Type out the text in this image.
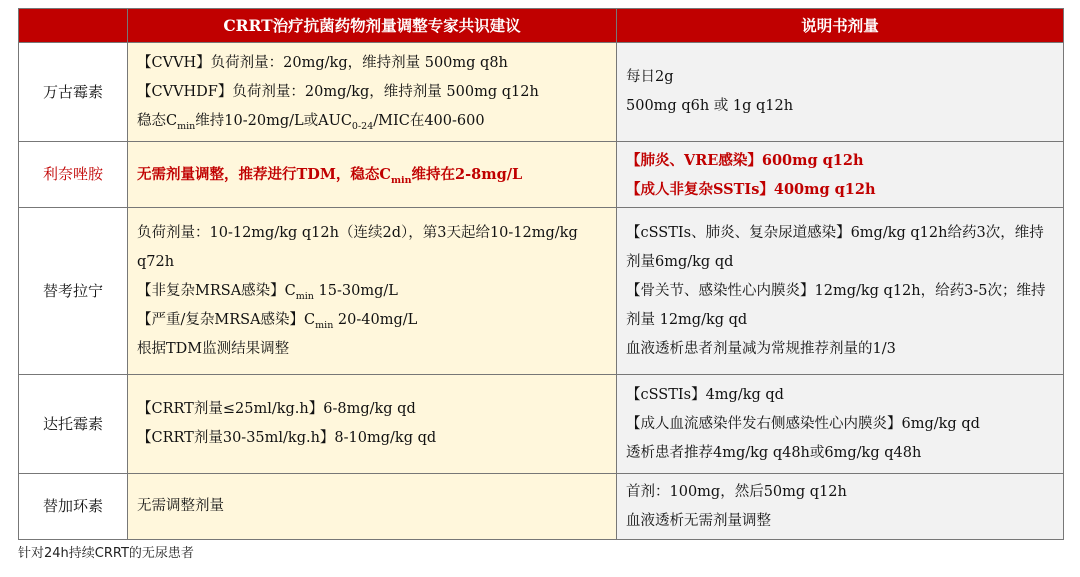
	CRRT治疗抗菌药物剂量调整专家共识建议	说明书剂量
万古霉素	【CVVH】负荷剂量：20mg/kg，维持剂量 500mg q8h
【CVVHDF】负荷剂量：20mg/kg，维持剂量 500mg q12h
稳态$C_{min}$维持10-20mg/L或$AUC_{0-24}$/MIC在400-600	每日2g
500mg q6h 或 1g q12h

利奈唑胺	无需剂量调整，推荐进行TDM，稳态$C_{min}$维持在2-8mg/L	【肺炎、VRE感染】600mg q12h
【成人非复杂SSTIs】400mg q12h

替考拉宁	负荷剂量：10-12mg/kg q12h（连续2d），第3天起给10-12mg/kg q72h
【非复杂MRSA感染】$C_{min}$ 15-30mg/L
【严重/复杂MRSA感染】$C_{min}$ 20-40mg/L
根据TDM监测结果调整	【cSSTIs、肺炎、复杂尿道感染】6mg/kg q12h给药3次，维持剂量6mg/kg qd
【骨关节、感染性心内膜炎】12mg/kg q12h，给药3-5次；维持剂量 12mg/kg qd
血液透析患者剂量减为常规推荐剂量的1/3

达托霉素	【CRRT剂量≤25ml/kg.h】6-8mg/kg qd
【CRRT剂量30-35ml/kg.h】8-10mg/kg qd	【cSSTIs】4mg/kg qd
【成人血流感染伴发右侧感染性心内膜炎】6mg/kg qd
透析患者推荐4mg/kg q48h或6mg/kg q48h

替加环素	无需调整剂量	首剂：100mg，然后50mg q12h
血液透析无需剂量调整
针对24h持续CRRT的无尿患者
